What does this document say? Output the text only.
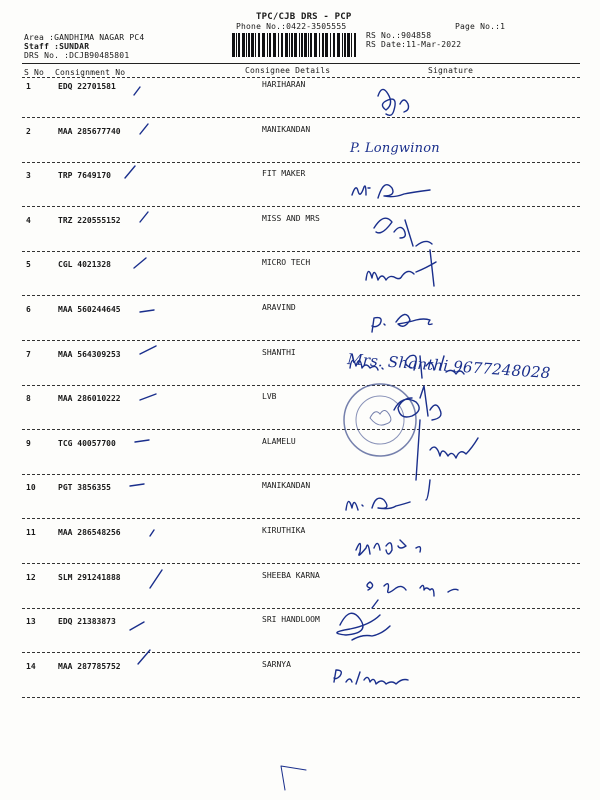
TPC/CJB DRS - PCP
Phone No.:0422-3505555	Page No.:1
Area :GANDHIMA NAGAR PC4
Staff :SUNDAR
DRS No. :DCJB90485801
RS No.:904858
RS Date:11-Mar-2022
S No Consignment No	Consignee Details	Signature
1	EDQ 22701581	HARIHARAN
2	MAA 285677740	MANIKANDAN
3	TRP 7649170	FIT MAKER
4	TRZ 220555152	MISS AND MRS
5	CGL 4021328	MICRO TECH
6	MAA 560244645	ARAVIND
7	MAA 564309253	SHANTHI
8	MAA 286010222	LVB
9	TCG 40057700	ALAMELU
10	PGT 3856355	MANIKANDAN
11	MAA 286548256	KIRUTHIKA
12	SLM 291241888	SHEEBA KARNA
13	EDQ 21383873	SRI HANDLOOM
14	MAA 287785752	SARNYA
P. Longwinon
Mrs. Shanthi 9677248028
